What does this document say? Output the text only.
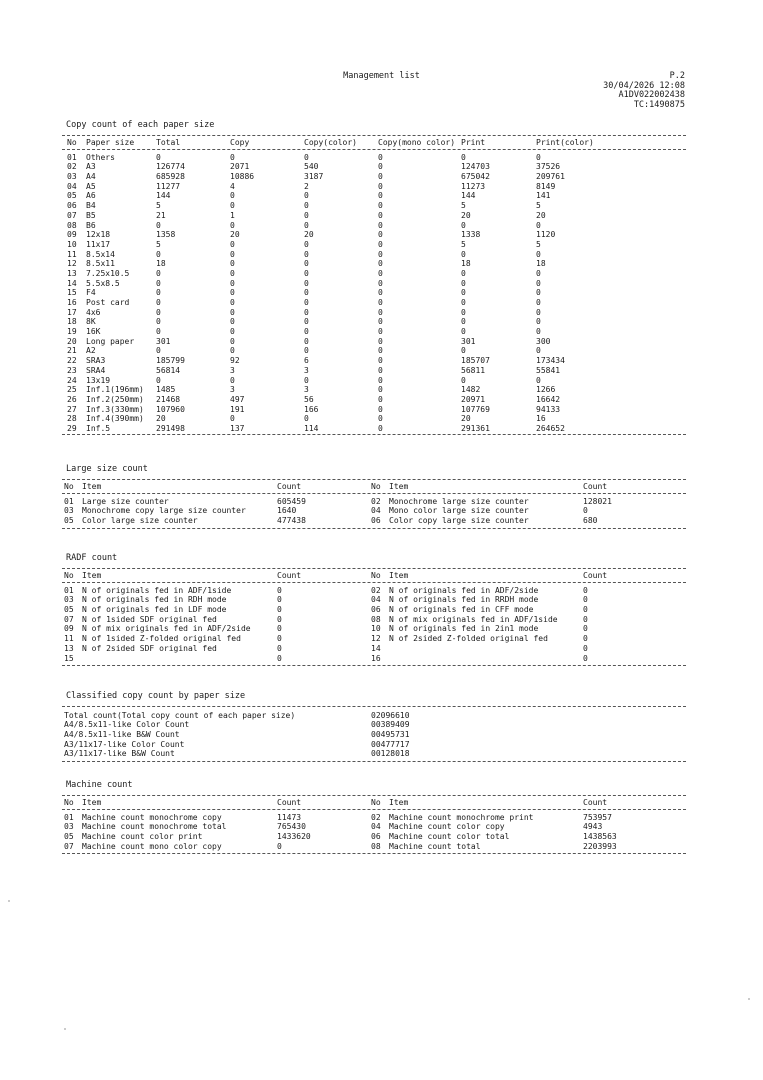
Management list	P.2
30/04/2026 12:08
A1DV022002438
TC:1490875
Copy count of each paper size
No Paper size	Total	Copy	Copy(color)	Copy(mono color) Print	Print(color)
01 Others	0	0	0	0	0	0
02 A3	126774	2071	540	0	124703	37526
03 A4	685928	10886	3187	0	675042	209761
04 A5	11277	4	2	0	11273	8149
05 A6	144	0	0	0	144	141
06 B4	5	0	0	0	5	5
07 B5	21	1	0	0	20	20
08 B6	0	0	0	0	0	0
09 12x18	1358	20	20	0	1338	1120
10 11x17	5	0	0	0	5	5
11 8.5x14	0	0	0	0	0	0
12 8.5x11	18	0	0	0	18	18
13 7.25x10.5	0	0	0	0	0	0
14 5.5x8.5	0	0	0	0	0	0
15 F4	0	0	0	0	0	0
16 Post card	0	0	0	0	0	0
17 4x6	0	0	0	0	0	0
18 8K	0	0	0	0	0	0
19 16K	0	0	0	0	0	0
20 Long paper	301	0	0	0	301	300
21 A2	0	0	0	0	0	0
22 SRA3	185799	92	6	0	185707	173434
23 SRA4	56814	3	3	0	56811	55841
24 13x19	0	0	0	0	0	0
25 Inf.1(196mm) 1485	3	3	0	1482	1266
26 Inf.2(250mm) 21468	497	56	0	20971	16642
27 Inf.3(330mm) 107960	191	166	0	107769	94133
28 Inf.4(390mm) 20	0	0	0	20	16
29 Inf.5	291498	137	114	0	291361	264652
Large size count
No Item	Count	No Item	Count
01 Large size counter	605459	02 Monochrome large size counter	128021
03 Monochrome copy large size counter	1640	04 Mono color large size counter	0
05 Color large size counter	477438	06 Color copy large size counter	680
RADF count
No Item	Count	No Item	Count
01 N of originals fed in ADF/1side	0	02 N of originals fed in ADF/2side	0
03 N of originals fed in RDH mode	0	04 N of originals fed in RRDH mode	0
05 N of originals fed in LDF mode	0	06 N of originals fed in CFF mode	0
07 N of 1sided SDF original fed	0	08 N of mix originals fed in ADF/1side	0
09 N of mix originals fed in ADF/2side	0	10 N of originals fed in 2in1 mode	0
11 N of 1sided Z-folded original fed	0	12 N of 2sided Z-folded original fed	0
13 N of 2sided SDF original fed	0	14	0
15	0	16	0
Classified copy count by paper size
Total count(Total copy count of each paper size)	02096610
A4/8.5x11-like Color Count	00389409
A4/8.5x11-like B&W Count	00495731
A3/11x17-like Color Count	00477717
A3/11x17-like B&W Count	00128018
Machine count
No Item	Count	No Item	Count
01 Machine count monochrome copy	11473	02 Machine count monochrome print	753957
03 Machine count monochrome total	765430	04 Machine count color copy	4943
05 Machine count color print	1433620	06 Machine count color total	1438563
07 Machine count mono color copy	0	08 Machine count total	2203993
